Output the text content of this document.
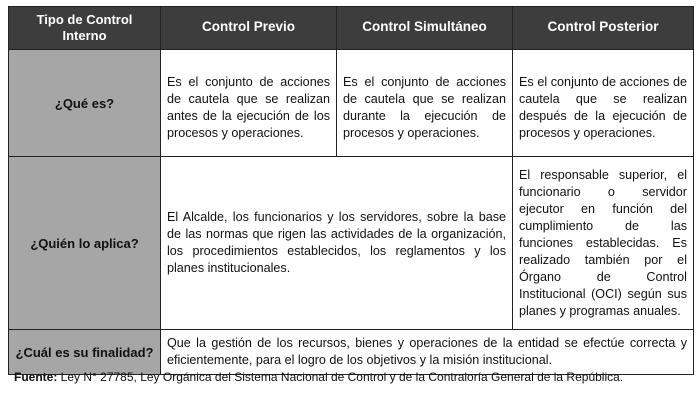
Tipo de Control Interno	Control Previo	Control Simultáneo	Control Posterior
¿Qué es?	Es el conjunto de acciones de cautela que se realizan antes de la ejecución de los procesos y operaciones.	Es el conjunto de acciones de cautela que se realizan durante la ejecución de procesos y operaciones.	Es el conjunto de acciones de cautela que se realizan después de la ejecución de procesos y operaciones.
¿Quién lo aplica?	El Alcalde, los funcionarios y los servidores, sobre la base de las normas que rigen las actividades de la organización, los procedimientos establecidos, los reglamentos y los planes institucionales.		El responsable superior, el funcionario o servidor ejecutor en función del cumplimiento de las funciones establecidas. Es realizado también por el Órgano de Control Institucional (OCI) según sus planes y programas anuales.
¿Cuál es su finalidad?	Que la gestión de los recursos, bienes y operaciones de la entidad se efectúe correcta y eficientemente, para el logro de los objetivos y la misión institucional.		
Fuente: Ley N° 27785, Ley Orgánica del Sistema Nacional de Control y de la Contraloría General de la República.
